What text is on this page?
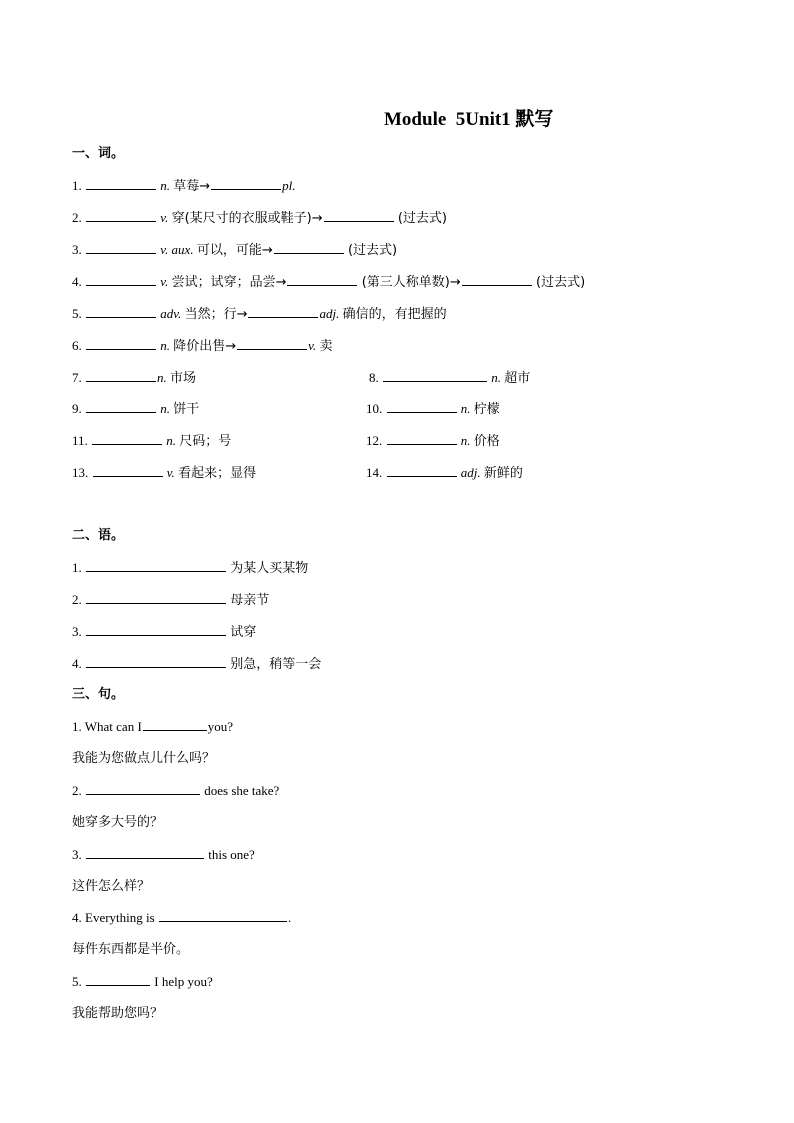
Module  5Unit1 默写
一、词。
1.	n. 草莓→	pl.
2.	v. 穿(某尺寸的衣服或鞋子)→	(过去式)
3.	v. aux. 可以，可能→	(过去式)
4.	v. 尝试；试穿；品尝→	(第三人称单数)→	(过去式)
5.	adv. 当然；行→	adj. 确信的，有把握的
6.	n. 降价出售→	v. 卖
7.	n. 市场	8.	n. 超市
9.	n. 饼干	10.	n. 柠檬
11.	n. 尺码；号	12.	n. 价格
13.	v. 看起来；显得	14.	adj. 新鲜的
二、语。
1.	为某人买某物
2.	母亲节
3.	试穿
4.	别急，稍等一会
三、句。
1. What can I	you?
我能为您做点儿什么吗？
2.	does she take?
她穿多大号的？
3.	this one?
这件怎么样？
4. Everything is	.
每件东西都是半价。
5.	I help you?
我能帮助您吗？
